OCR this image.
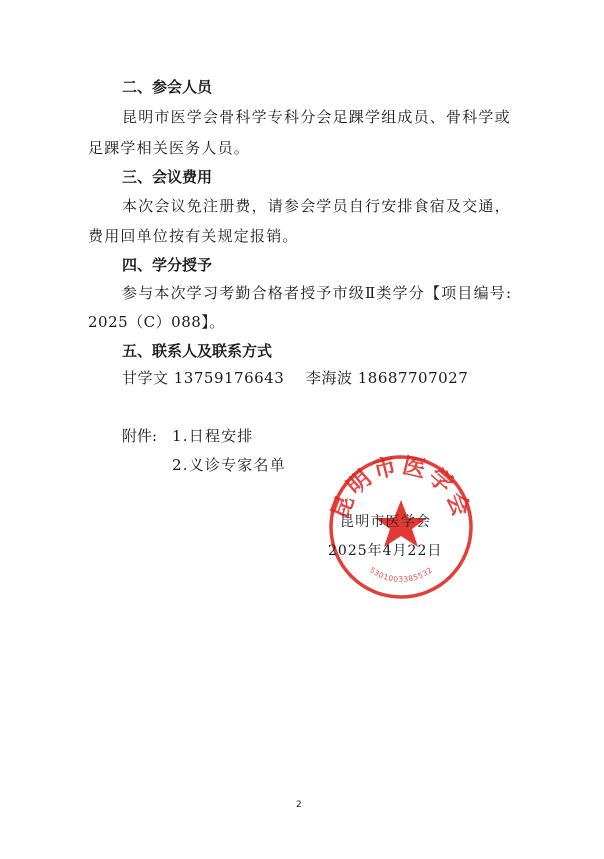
二、参会人员
昆明市医学会骨科学专科分会足踝学组成员、骨科学或
足踝学相关医务人员。
三、会议费用
本次会议免注册费，请参会学员自行安排食宿及交通，
费用回单位按有关规定报销。
四、学分授予
参与本次学习考勤合格者授予市级Ⅱ类学分【项目编号:
2025（C）088】。
五、联系人及联系方式
甘学文 13759176643 李海波 18687707027
附件: 1.日程安排
2.义诊专家名单
昆明市医学会
5301003385532
昆明市医学会
2025年4月22日
2
